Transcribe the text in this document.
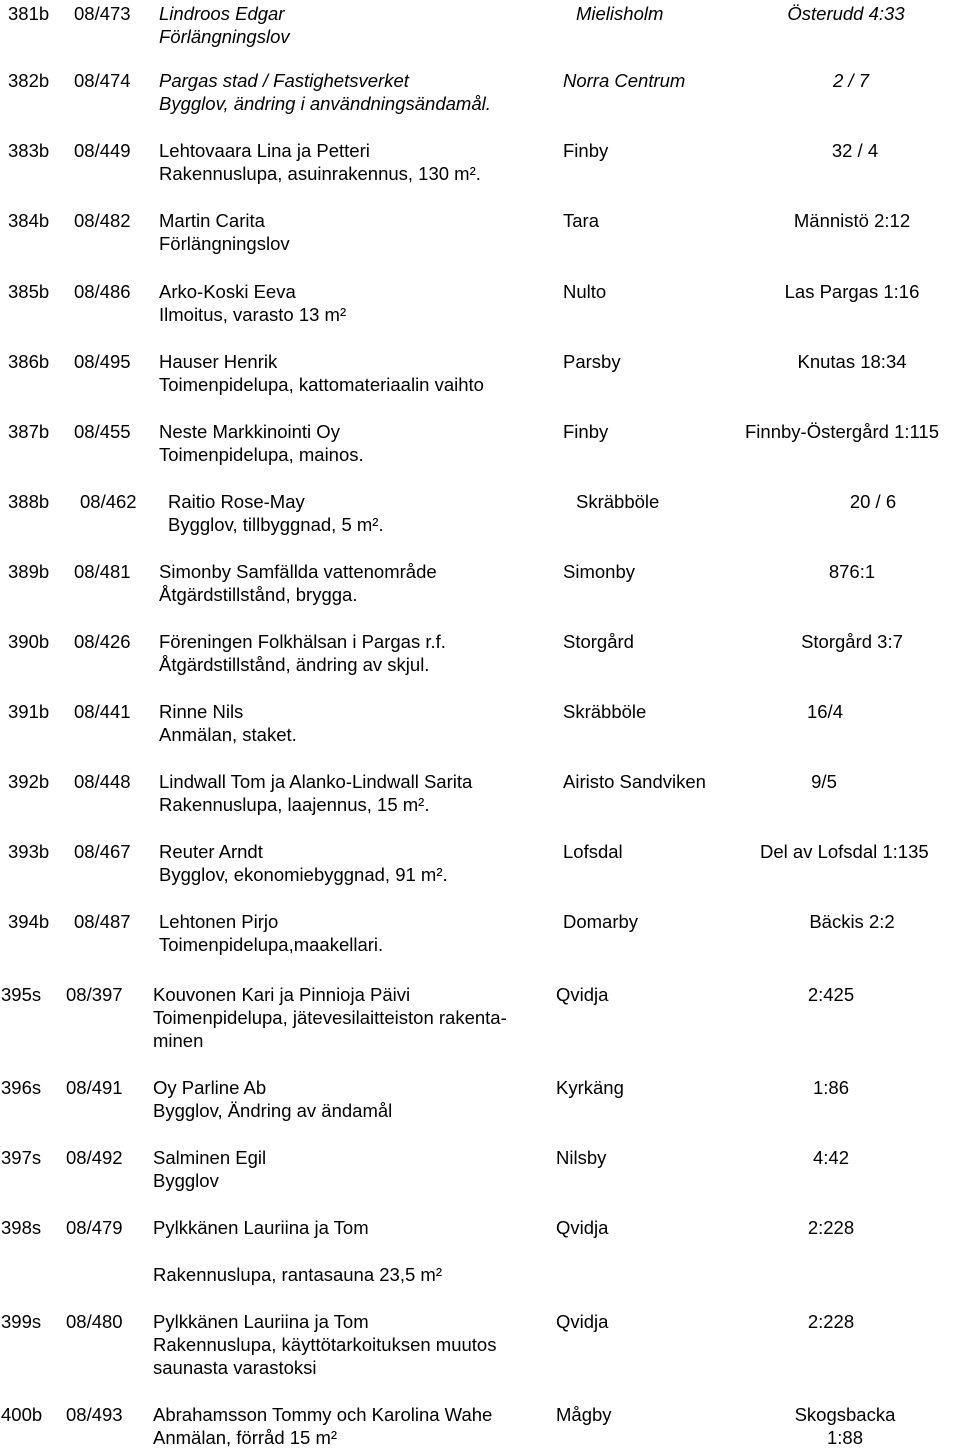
381b 08/473 Lindroos Edgar	Mielisholm	Österudd 4:33
Förlängningslov
382b 08/474 Pargas stad / Fastighetsverket	Norra Centrum	2 / 7
Bygglov, ändring i användningsändamål.
383b 08/449 Lehtovaara Lina ja Petteri	Finby	32 / 4
Rakennuslupa, asuinrakennus, 130 m².
384b 08/482 Martin Carita	Tara	Männistö 2:12
Förlängningslov
385b 08/486 Arko-Koski Eeva	Nulto	Las Pargas 1:16
Ilmoitus, varasto 13 m²
386b 08/495 Hauser Henrik	Parsby	Knutas 18:34
Toimenpidelupa, kattomateriaalin vaihto
387b 08/455 Neste Markkinointi Oy	Finby	Finnby-Östergård 1:115
Toimenpidelupa, mainos.
388b 08/462 Raitio Rose-May	Skräbböle	20 / 6
Bygglov, tillbyggnad, 5 m².
389b 08/481 Simonby Samfällda vattenområde	Simonby	876:1
Åtgärdstillstånd, brygga.
390b 08/426 Föreningen Folkhälsan i Pargas r.f.	Storgård	Storgård 3:7
Åtgärdstillstånd, ändring av skjul.
391b 08/441 Rinne Nils	Skräbböle	16/4
Anmälan, staket.
392b 08/448 Lindwall Tom ja Alanko-Lindwall Sarita	Airisto Sandviken	9/5
Rakennuslupa, laajennus, 15 m².
393b 08/467 Reuter Arndt	Lofsdal	Del av Lofsdal 1:135
Bygglov, ekonomiebyggnad, 91 m².
394b 08/487 Lehtonen Pirjo	Domarby	Bäckis 2:2
Toimenpidelupa,maakellari.
395s 08/397 Kouvonen Kari ja Pinnioja Päivi	Qvidja	2:425
Toimenpidelupa, jätevesilaitteiston rakenta-
minen
396s 08/491 Oy Parline Ab	Kyrkäng	1:86
Bygglov, Ändring av ändamål
397s 08/492 Salminen Egil	Nilsby	4:42
Bygglov
398s 08/479 Pylkkänen Lauriina ja Tom	Qvidja	2:228
Rakennuslupa, rantasauna 23,5 m²
399s 08/480 Pylkkänen Lauriina ja Tom	Qvidja	2:228
Rakennuslupa, käyttötarkoituksen muutos
saunasta varastoksi
400b 08/493 Abrahamsson Tommy och Karolina Wahe	Mågby	Skogsbacka
Anmälan, förråd 15 m²	1:88
